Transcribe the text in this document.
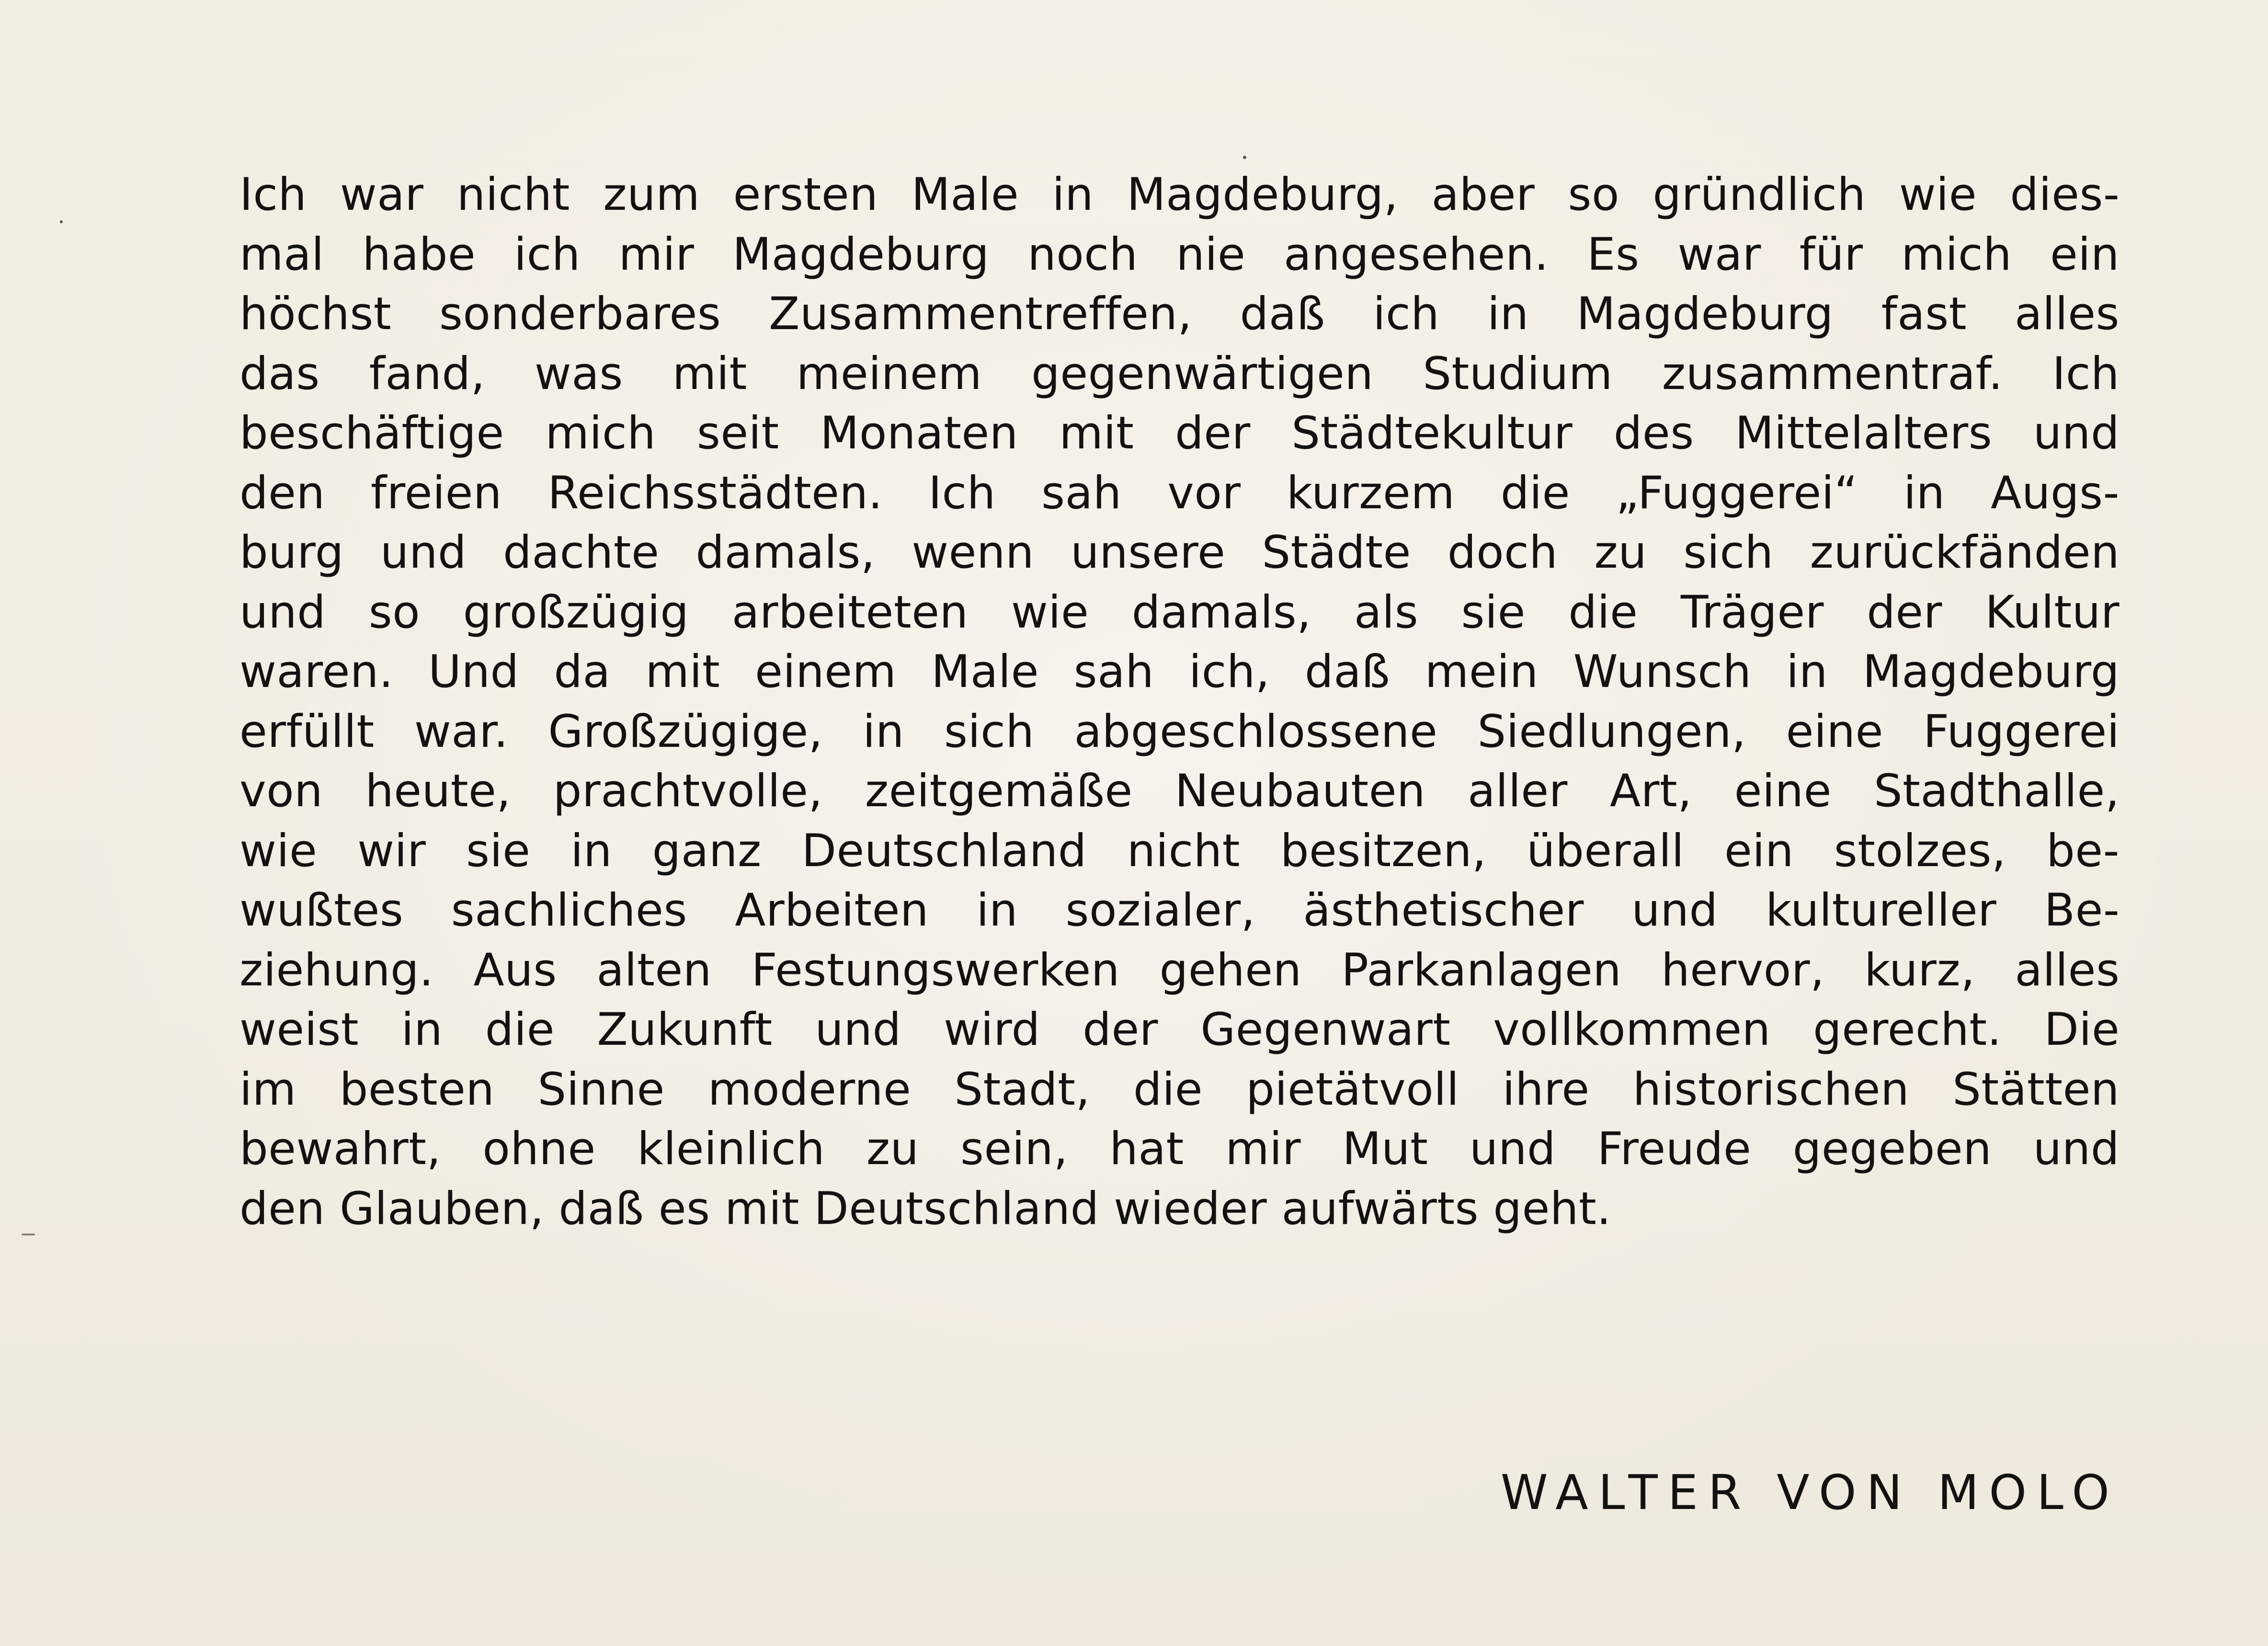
Ich war nicht zum ersten Male in Magdeburg, aber so gründlich wie dies-
mal habe ich mir Magdeburg noch nie angesehen. Es war für mich ein
höchst sonderbares Zusammentreffen, daß ich in Magdeburg fast alles
das fand, was mit meinem gegenwärtigen Studium zusammentraf. Ich
beschäftige mich seit Monaten mit der Städtekultur des Mittelalters und
den freien Reichsstädten. Ich sah vor kurzem die „Fuggerei“ in Augs-
burg und dachte damals, wenn unsere Städte doch zu sich zurückfänden
und so großzügig arbeiteten wie damals, als sie die Träger der Kultur
waren. Und da mit einem Male sah ich, daß mein Wunsch in Magdeburg
erfüllt war. Großzügige, in sich abgeschlossene Siedlungen, eine Fuggerei
von heute, prachtvolle, zeitgemäße Neubauten aller Art, eine Stadthalle,
wie wir sie in ganz Deutschland nicht besitzen, überall ein stolzes, be-
wußtes sachliches Arbeiten in sozialer, ästhetischer und kultureller Be-
ziehung. Aus alten Festungswerken gehen Parkanlagen hervor, kurz, alles
weist in die Zukunft und wird der Gegenwart vollkommen gerecht. Die
im besten Sinne moderne Stadt, die pietätvoll ihre historischen Stätten
bewahrt, ohne kleinlich zu sein, hat mir Mut und Freude gegeben und
den Glauben, daß es mit Deutschland wieder aufwärts geht.
WALTER VON MOLO
